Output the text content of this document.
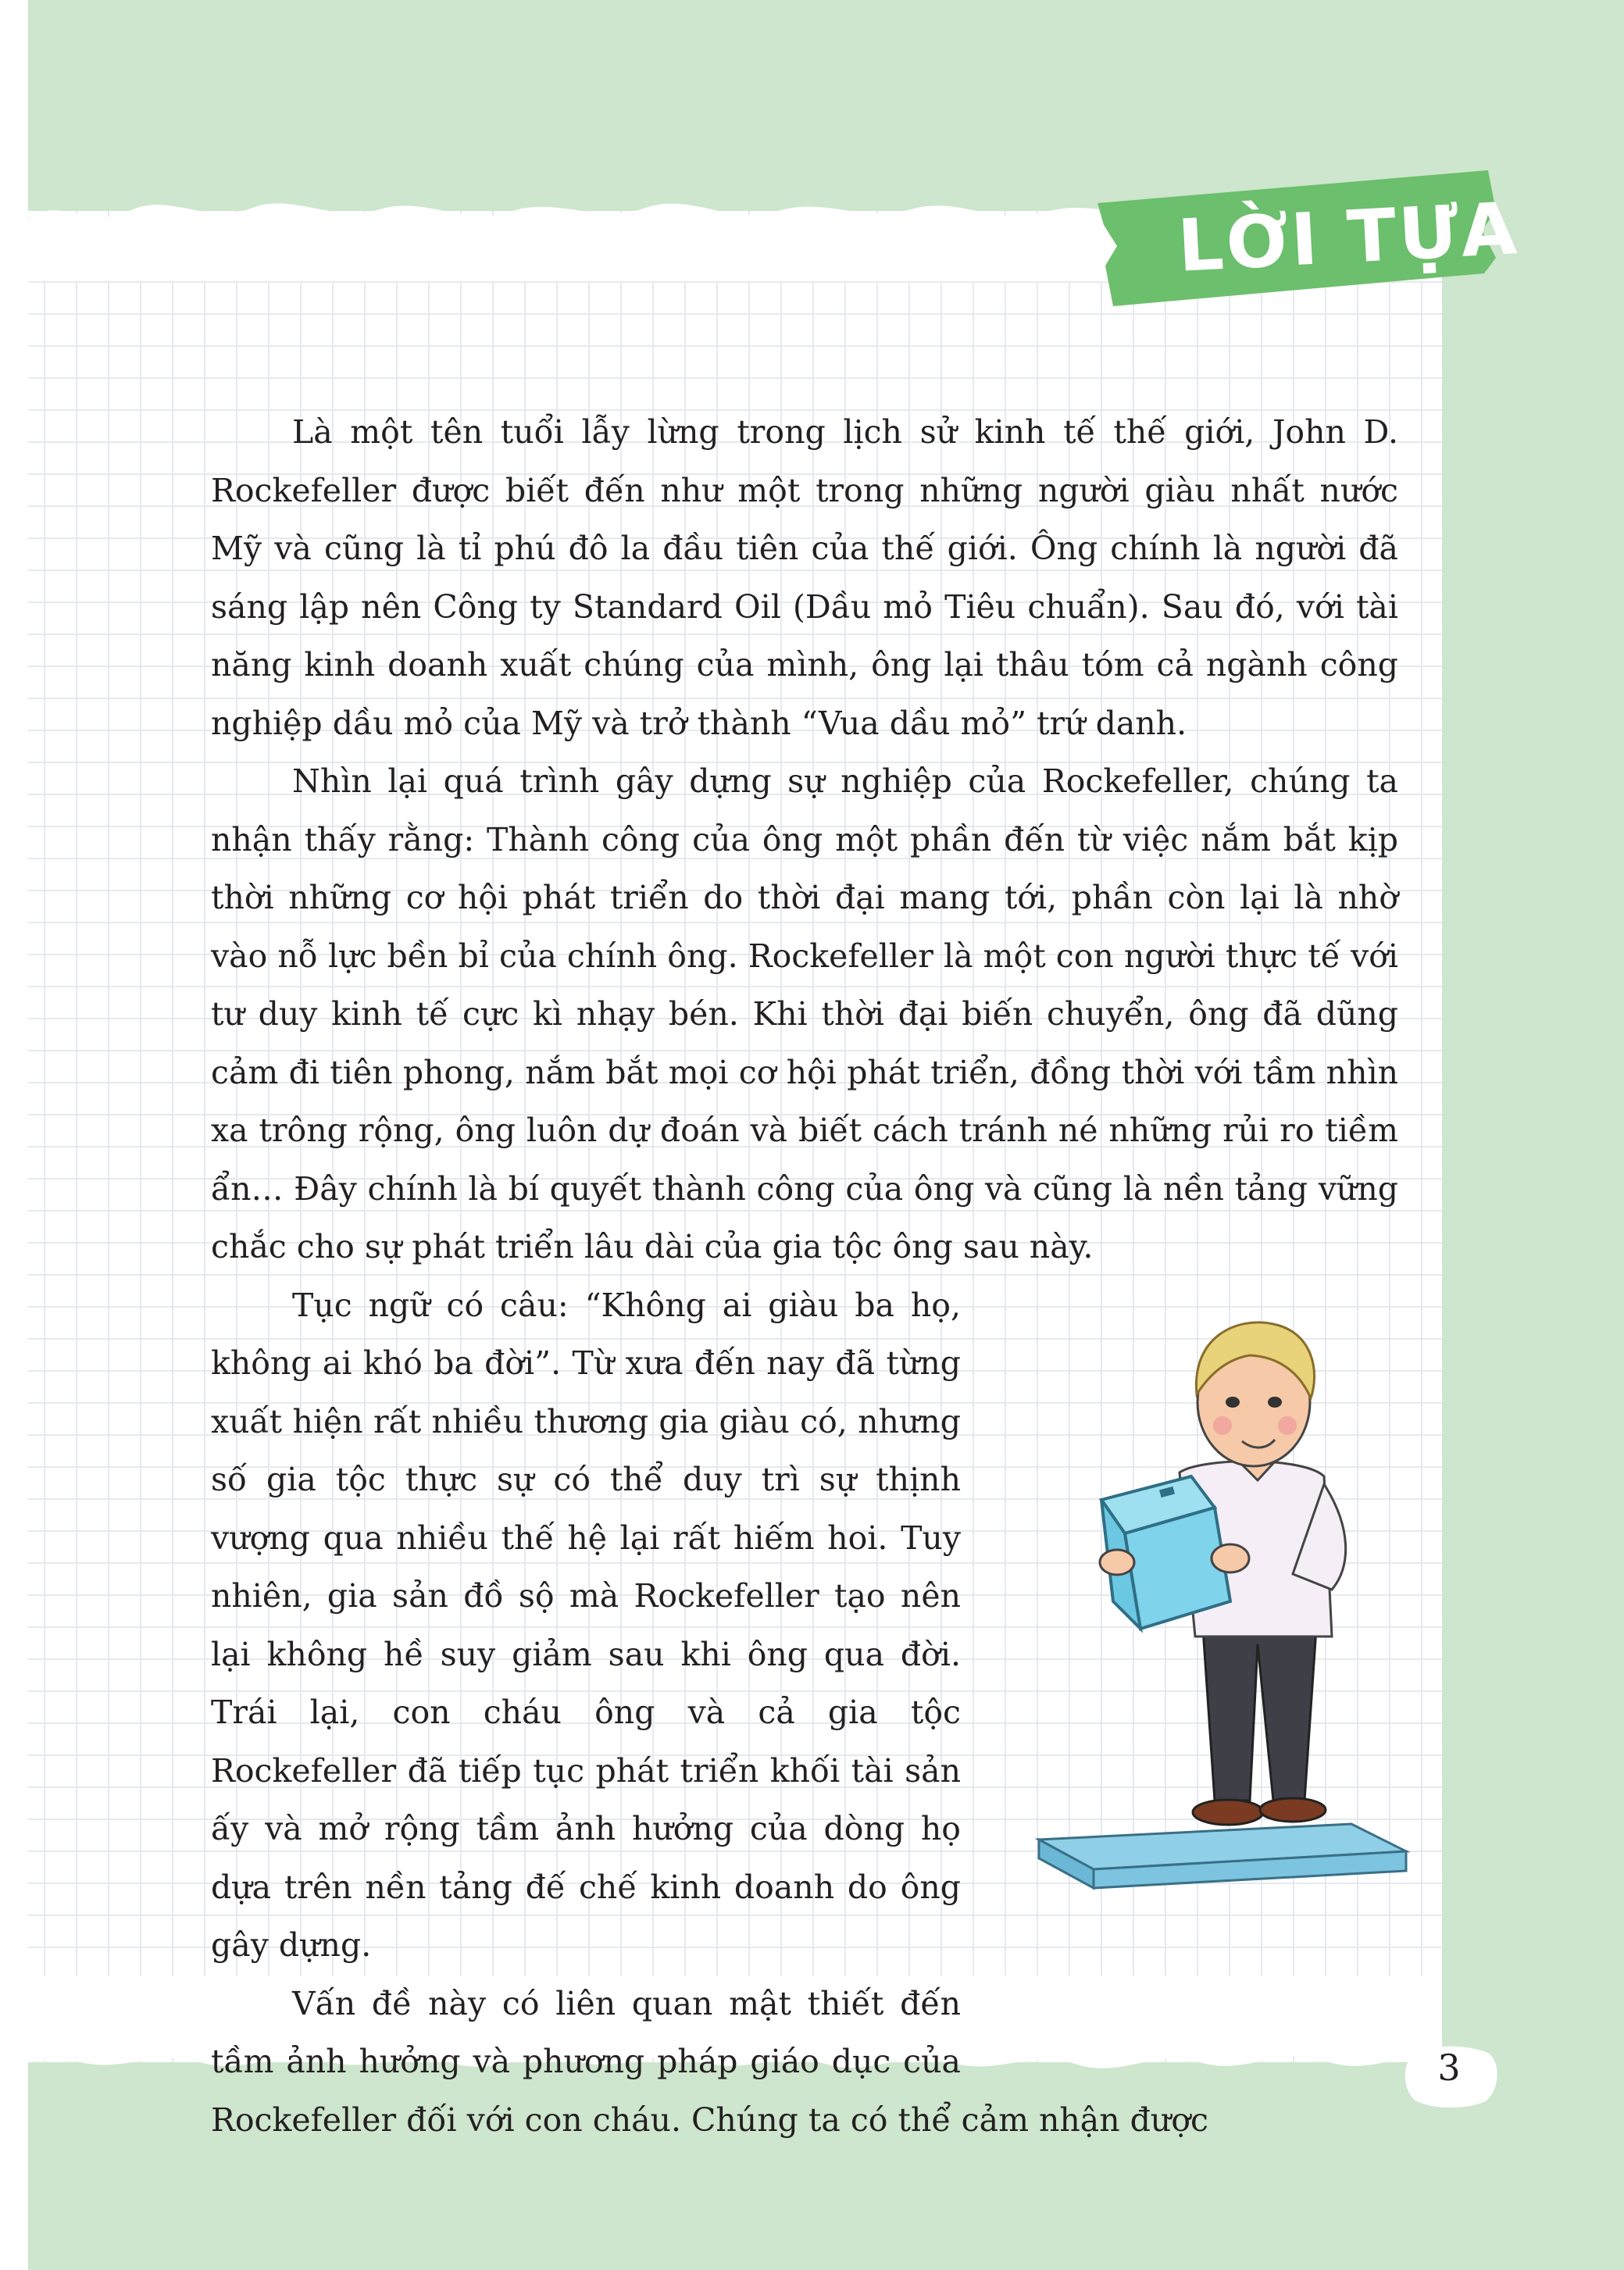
LỜI TỰA

Là một tên tuổi lẫy lừng trong lịch sử kinh tế thế giới, John D. Rockefeller được biết đến như một trong những người giàu nhất nước Mỹ và cũng là tỉ phú đô la đầu tiên của thế giới. Ông chính là người đã sáng lập nên Công ty Standard Oil (Dầu mỏ Tiêu chuẩn). Sau đó, với tài năng kinh doanh xuất chúng của mình, ông lại thâu tóm cả ngành công nghiệp dầu mỏ của Mỹ và trở thành “Vua dầu mỏ” trứ danh.

Nhìn lại quá trình gây dựng sự nghiệp của Rockefeller, chúng ta nhận thấy rằng: Thành công của ông một phần đến từ việc nắm bắt kịp thời những cơ hội phát triển do thời đại mang tới, phần còn lại là nhờ vào nỗ lực bền bỉ của chính ông. Rockefeller là một con người thực tế với tư duy kinh tế cực kì nhạy bén. Khi thời đại biến chuyển, ông đã dũng cảm đi tiên phong, nắm bắt mọi cơ hội phát triển, đồng thời với tầm nhìn xa trông rộng, ông luôn dự đoán và biết cách tránh né những rủi ro tiềm ẩn… Đây chính là bí quyết thành công của ông và cũng là nền tảng vững chắc cho sự phát triển lâu dài của gia tộc ông sau này.

Tục ngữ có câu: “Không ai giàu ba họ, không ai khó ba đời”. Từ xưa đến nay đã từng xuất hiện rất nhiều thương gia giàu có, nhưng số gia tộc thực sự có thể duy trì sự thịnh vượng qua nhiều thế hệ lại rất hiếm hoi. Tuy nhiên, gia sản đồ sộ mà Rockefeller tạo nên lại không hề suy giảm sau khi ông qua đời. Trái lại, con cháu ông và cả gia tộc Rockefeller đã tiếp tục phát triển khối tài sản ấy và mở rộng tầm ảnh hưởng của dòng họ dựa trên nền tảng đế chế kinh doanh do ông gây dựng.

Vấn đề này có liên quan mật thiết đến tầm ảnh hưởng và phương pháp giáo dục của Rockefeller đối với con cháu. Chúng ta có thể cảm nhận được

3
